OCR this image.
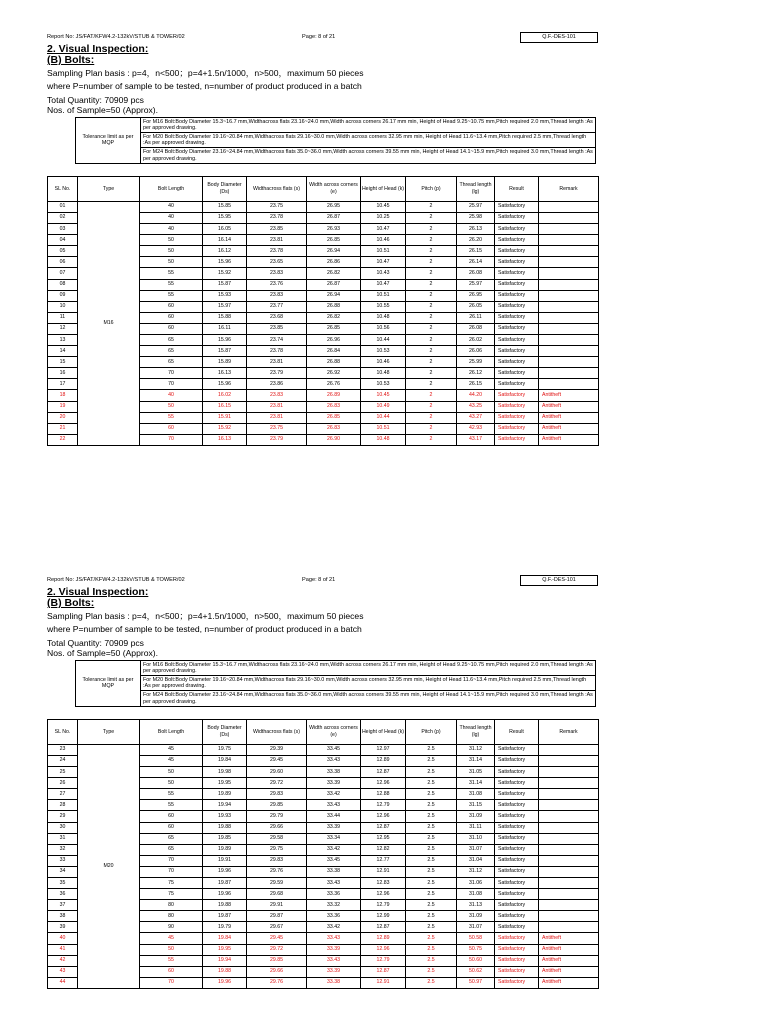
Report No: JS/FAT/KFW4.2-132kV/STUB & TOWER/02	Page: 8 of 21	Q.F.-DES-101
2. Visual Inspection:
(B) Bolts:
Sampling Plan basis : p=4，n<500；p=4+1.5n/1000，n>500，maximum 50 pieces
where P=number of sample to be tested, n=number of product produced in a batch
Total Quantity: 70909 pcs
Nos. of Sample=50 (Approx).
Tolerance limit as per MQP	For M16 Bolt:Body Diameter 15.3~16.7 mm,Widthacross flats 23.16~24.0 mm,Width across corners 26.17 mm min, Height of Head 9.25~10.75 mm,Pitch required 2.0 mm,Thread length :As per approved drawing.
For M20 Bolt:Body Diameter 19.16~20.84 mm,Widthacross flats 29.16~30.0 mm,Width across corners 32.95 mm min, Height of Head 11.6~13.4 mm,Pitch required 2.5 mm,Thread length :As per approved drawing.
For M24 Bolt:Body Diameter 23.16~24.84 mm,Widthacross flats 35.0~36.0 mm,Width across corners 39.55 mm min, Height of Head 14.1~15.9 mm,Pitch required 3.0 mm,Thread length :As per approved drawing.
SL No.	Type	Bolt Length	Body Diameter (Ds)	Widthacross flats (s)	Width across corners (e)	Height of Head (k)	Pitch (p)	Thread length (lg)	Result	Remark
01	M16	40	15.85	23.75	26.95	10.45	2	25.97	Satisfactory	
02		40	15.95	23.78	26.87	10.25	2	25.98	Satisfactory	
03		40	16.05	23.85	26.93	10.47	2	26.13	Satisfactory	
04		50	16.14	23.81	26.85	10.46	2	26.20	Satisfactory	
05		50	16.12	23.78	26.94	10.51	2	26.15	Satisfactory	
06		50	15.96	23.65	26.86	10.47	2	26.14	Satisfactory	
07		55	15.92	23.83	26.82	10.43	2	26.08	Satisfactory	
08		55	15.87	23.76	26.87	10.47	2	25.97	Satisfactory	
09		55	15.93	23.83	26.94	10.51	2	26.95	Satisfactory	
10		60	15.97	23.77	26.88	10.55	2	26.05	Satisfactory	
11		60	15.88	23.68	26.82	10.48	2	26.11	Satisfactory	
12		60	16.11	23.85	26.85	10.56	2	26.08	Satisfactory	
13		65	15.96	23.74	26.96	10.44	2	26.02	Satisfactory	
14		65	15.87	23.78	26.84	10.53	2	26.06	Satisfactory	
15		65	15.89	23.81	26.88	10.46	2	25.99	Satisfactory	
16		70	16.13	23.79	26.92	10.48	2	26.12	Satisfactory	
17		70	15.96	23.86	26.76	10.53	2	26.15	Satisfactory	
18		40	16.02	23.83	26.89	10.45	2	44.20	Satisfactory	Antitheft
19		50	16.15	23.81	26.83	10.49	2	43.25	Satisfactory	Antitheft
20		55	15.91	23.81	26.85	10.44	2	43.27	Satisfactory	Antitheft
21		60	15.92	23.75	26.83	10.51	2	42.93	Satisfactory	Antitheft
22		70	16.13	23.79	26.90	10.48	2	43.17	Satisfactory	Antitheft
Report No: JS/FAT/KFW4.2-132kV/STUB & TOWER/02	Page: 8 of 21	Q.F.-DES-101
2. Visual Inspection:
(B) Bolts:
Sampling Plan basis : p=4，n<500；p=4+1.5n/1000，n>500，maximum 50 pieces
where P=number of sample to be tested, n=number of product produced in a batch
Total Quantity: 70909 pcs
Nos. of Sample=50 (Approx).
Tolerance limit as per MQP	For M16 Bolt:Body Diameter 15.3~16.7 mm,Widthacross flats 23.16~24.0 mm,Width across corners 26.17 mm min, Height of Head 9.25~10.75 mm,Pitch required 2.0 mm,Thread length :As per approved drawing.
For M20 Bolt:Body Diameter 19.16~20.84 mm,Widthacross flats 29.16~30.0 mm,Width across corners 32.95 mm min, Height of Head 11.6~13.4 mm,Pitch required 2.5 mm,Thread length :As per approved drawing.
For M24 Bolt:Body Diameter 23.16~24.84 mm,Widthacross flats 35.0~36.0 mm,Width across corners 39.55 mm min, Height of Head 14.1~15.9 mm,Pitch required 3.0 mm,Thread length :As per approved drawing.
SL No.	Type	Bolt Length	Body Diameter (Ds)	Widthacross flats (s)	Width across corners (e)	Height of Head (k)	Pitch (p)	Thread length (lg)	Result	Remark
23	M20	45	19.75	29.39	33.45	12.97	2.5	31.12	Satisfactory	
24		45	19.84	29.45	33.43	12.89	2.5	31.14	Satisfactory	
25		50	19.98	29.60	33.38	12.87	2.5	31.05	Satisfactory	
26		50	19.95	29.72	33.39	12.96	2.5	31.14	Satisfactory	
27		55	19.89	29.83	33.42	12.88	2.5	31.08	Satisfactory	
28		55	19.94	29.85	33.43	12.79	2.5	31.15	Satisfactory	
29		60	19.93	29.79	33.44	12.96	2.5	31.09	Satisfactory	
30		60	19.88	29.66	33.39	12.87	2.5	31.11	Satisfactory	
31		65	19.85	29.58	33.34	12.95	2.5	31.10	Satisfactory	
32		65	19.89	29.75	33.42	12.82	2.5	31.07	Satisfactory	
33		70	19.91	29.83	33.45	12.77	2.5	31.04	Satisfactory	
34		70	19.96	29.76	33.38	12.91	2.5	31.12	Satisfactory	
35		75	19.87	29.59	33.43	12.83	2.5	31.06	Satisfactory	
36		75	19.96	29.68	33.36	12.96	2.5	31.08	Satisfactory	
37		80	19.88	29.91	33.32	12.79	2.5	31.13	Satisfactory	
38		80	19.87	29.87	33.36	12.99	2.5	31.09	Satisfactory	
39		90	19.79	29.67	33.42	12.87	2.5	31.07	Satisfactory	
40		45	19.84	29.45	33.43	12.89	2.5	50.58	Satisfactory	Antitheft
41		50	19.95	29.72	33.39	12.96	2.5	50.75	Satisfactory	Antitheft
42		55	19.94	29.85	33.43	12.79	2.5	50.60	Satisfactory	Antitheft
43		60	19.88	29.66	33.39	12.87	2.5	50.62	Satisfactory	Antitheft
44		70	19.96	29.76	33.38	12.91	2.5	50.97	Satisfactory	Antitheft
